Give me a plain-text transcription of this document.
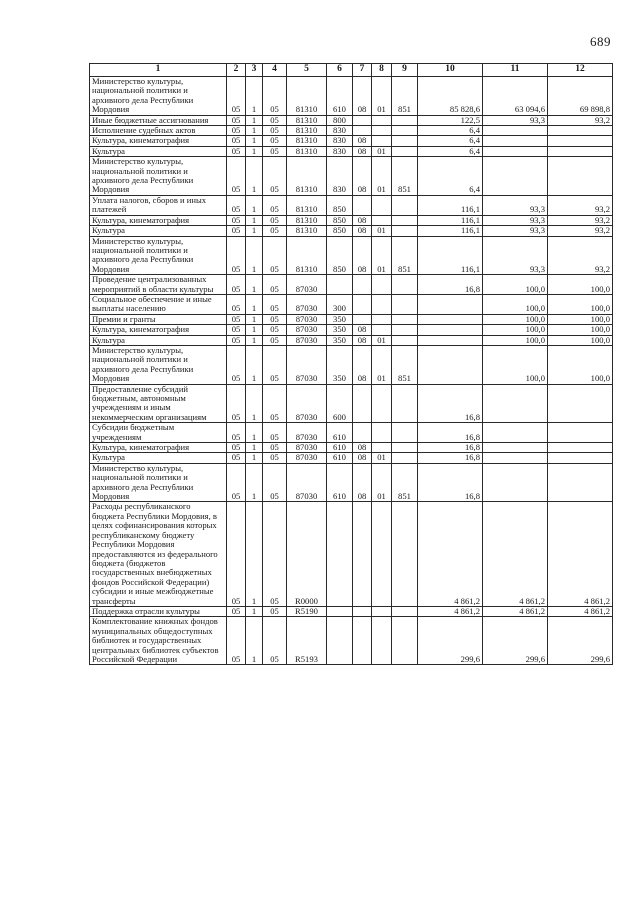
689
1	2	3	4	5	6	7	8	9	10	11	12
Министерство культуры, национальной политики и архивного дела Республики Мордовия	05	1	05	81310	610	08	01	851	85 828,6	63 094,6	69 898,8
Иные бюджетные ассигнования	05	1	05	81310	800				122,5	93,3	93,2
Исполнение судебных актов	05	1	05	81310	830				6,4		
Культура, кинематография	05	1	05	81310	830	08			6,4		
Культура	05	1	05	81310	830	08	01		6,4		
Министерство культуры, национальной политики и архивного дела Республики Мордовия	05	1	05	81310	830	08	01	851	6,4		
Уплата налогов, сборов и иных платежей	05	1	05	81310	850				116,1	93,3	93,2
Культура, кинематография	05	1	05	81310	850	08			116,1	93,3	93,2
Культура	05	1	05	81310	850	08	01		116,1	93,3	93,2
Министерство культуры, национальной политики и архивного дела Республики Мордовия	05	1	05	81310	850	08	01	851	116,1	93,3	93,2
Проведение централизованных мероприятий в области культуры	05	1	05	87030					16,8	100,0	100,0
Социальное обеспечение и иные выплаты населению	05	1	05	87030	300					100,0	100,0
Премии и гранты	05	1	05	87030	350					100,0	100,0
Культура, кинематография	05	1	05	87030	350	08				100,0	100,0
Культура	05	1	05	87030	350	08	01			100,0	100,0
Министерство культуры, национальной политики и архивного дела Республики Мордовия	05	1	05	87030	350	08	01	851		100,0	100,0
Предоставление субсидий бюджетным, автономным учреждениям и иным некоммерческим организациям	05	1	05	87030	600				16,8		
Субсидии бюджетным учреждениям	05	1	05	87030	610				16,8		
Культура, кинематография	05	1	05	87030	610	08			16,8		
Культура	05	1	05	87030	610	08	01		16,8		
Министерство культуры, национальной политики и архивного дела Республики Мордовия	05	1	05	87030	610	08	01	851	16,8		
Расходы республиканского бюджета Республики Мордовия, в целях софинансирования которых республиканскому бюджету Республики Мордовия предоставляются из федерального бюджета (бюджетов государственных внебюджетных фондов Российской Федерации) субсидии и иные межбюджетные трансферты	05	1	05	R0000					4 861,2	4 861,2	4 861,2
Поддержка отрасли культуры	05	1	05	R5190					4 861,2	4 861,2	4 861,2
Комплектование книжных фондов муниципальных общедоступных библиотек и государственных центральных библиотек субъектов Российской Федерации	05	1	05	R5193					299,6	299,6	299,6
